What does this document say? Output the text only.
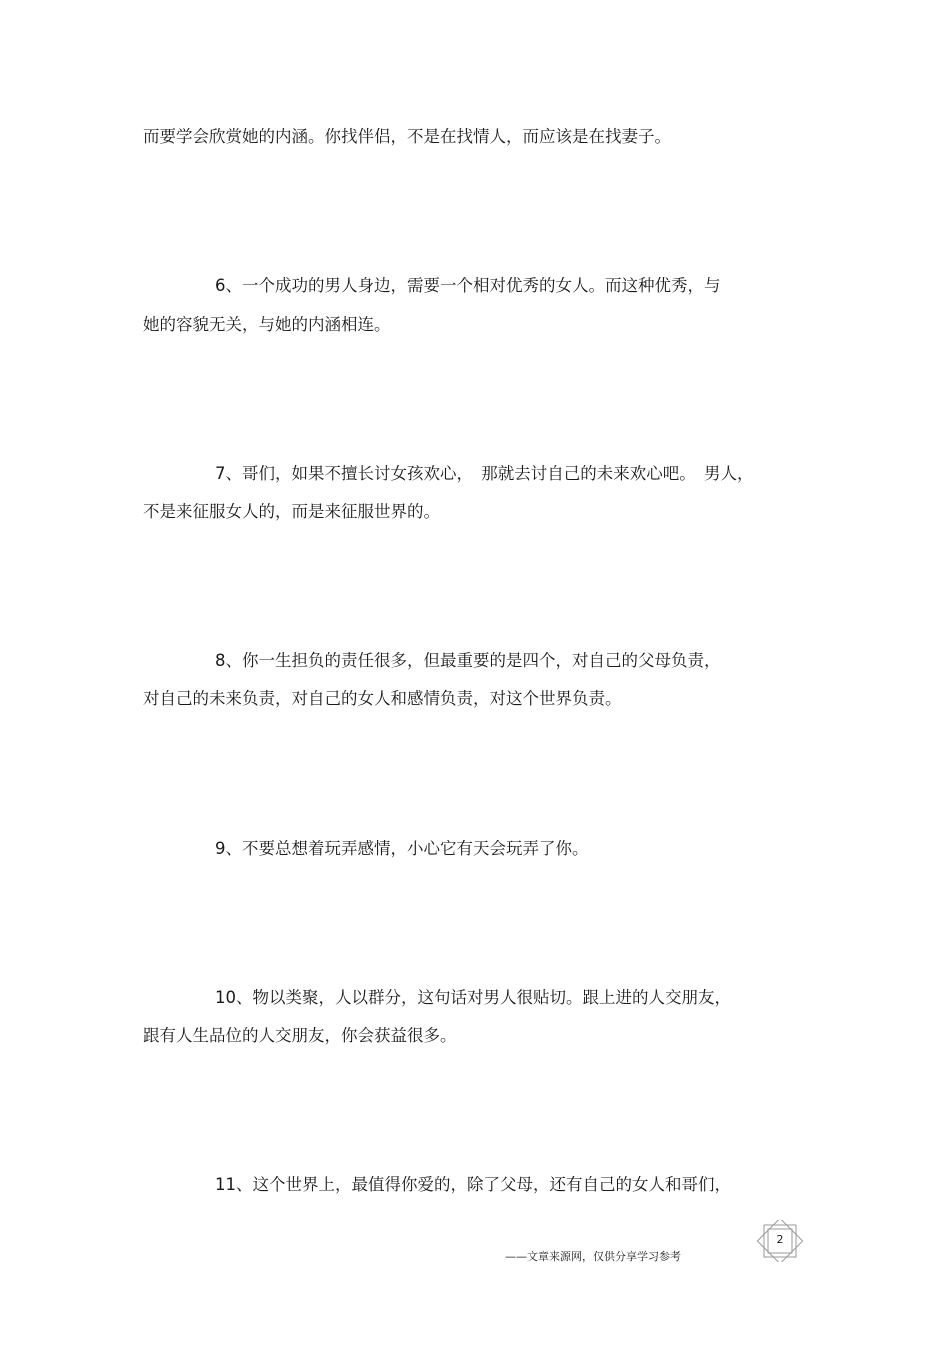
而要学会欣赏她的内涵。你找伴侣，不是在找情人，而应该是在找妻子。
6、一个成功的男人身边，需要一个相对优秀的女人。而这种优秀，与
她的容貌无关，与她的内涵相连。
7、哥们，如果不擅长讨女孩欢心，　那就去讨自己的未来欢心吧。　男人，
不是来征服女人的，而是来征服世界的。
8、你一生担负的责任很多，但最重要的是四个，对自己的父母负责，
对自己的未来负责，对自己的女人和感情负责，对这个世界负责。
9、不要总想着玩弄感情，小心它有天会玩弄了你。
10、物以类聚，人以群分，这句话对男人很贴切。跟上进的人交朋友，
跟有人生品位的人交朋友，你会获益很多。
11、这个世界上，最值得你爱的，除了父母，还有自己的女人和哥们，
——文章来源网，仅供分享学习参考
2
